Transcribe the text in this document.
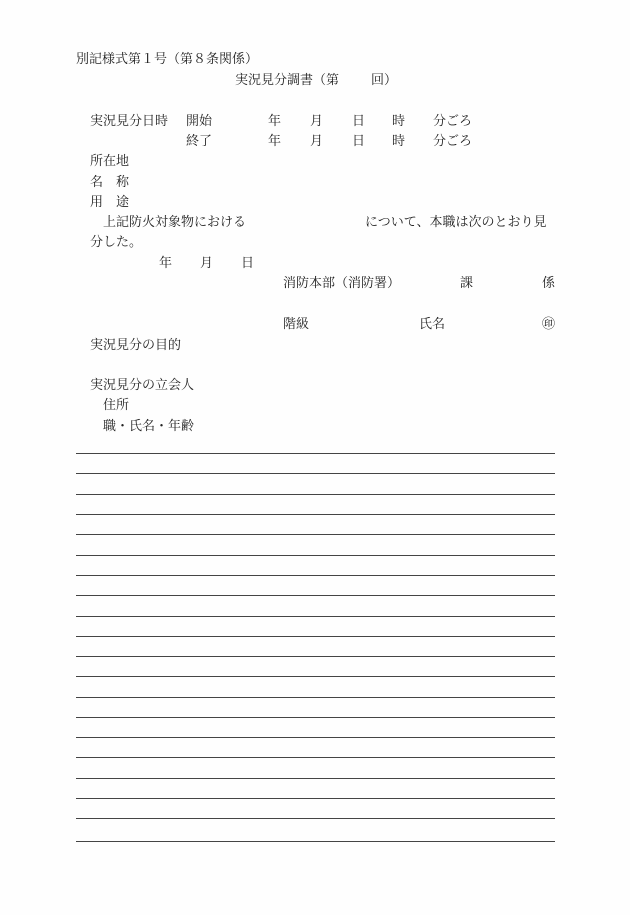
別記様式第１号（第８条関係）
実況見分調書（第 回）
実況見分日時 開始	年 月 日 時 分ごろ
終了	年 月 日 時 分ごろ
所在地
名　称
用　途
上記防火対象物における	について、本職は次のとおり見
分した。
年 月 日
消防本部（消防署）	課	係
階級	氏名	㊞
実況見分の目的
実況見分の立会人
住所
職・氏名・年齢
